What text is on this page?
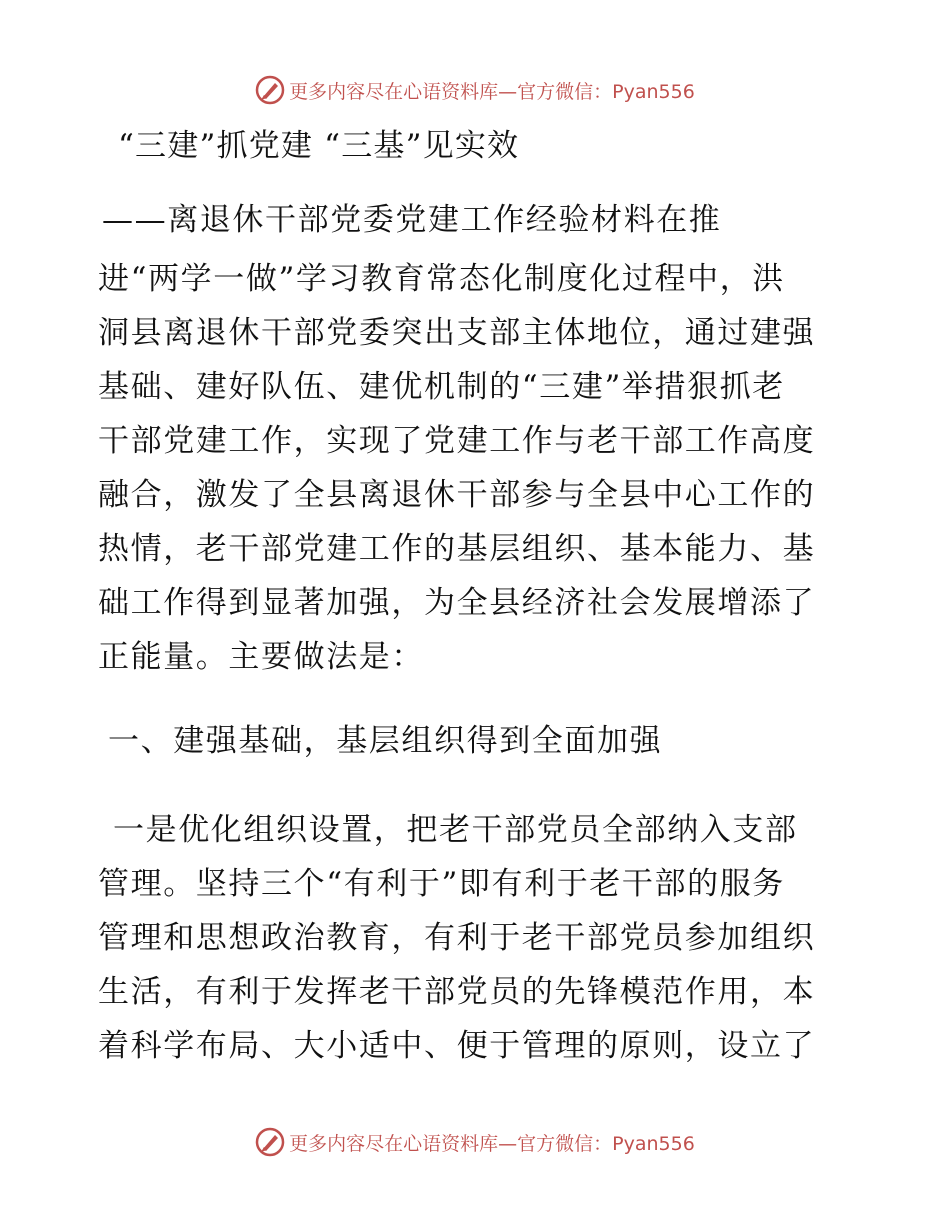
更多内容尽在心语资料库—官方微信：Pyan556
“三建”抓党建 “三基”见实效
——离退休干部党委党建工作经验材料在推
进“两学一做”学习教育常态化制度化过程中，洪
洞县离退休干部党委突出支部主体地位，通过建强
基础、建好队伍、建优机制的“三建”举措狠抓老
干部党建工作，实现了党建工作与老干部工作高度
融合，激发了全县离退休干部参与全县中心工作的
热情，老干部党建工作的基层组织、基本能力、基
础工作得到显著加强，为全县经济社会发展增添了
正能量。主要做法是：
一、建强基础，基层组织得到全面加强
一是优化组织设置，把老干部党员全部纳入支部
管理。坚持三个“有利于”即有利于老干部的服务
管理和思想政治教育，有利于老干部党员参加组织
生活，有利于发挥老干部党员的先锋模范作用，本
着科学布局、大小适中、便于管理的原则，设立了
更多内容尽在心语资料库—官方微信：Pyan556
